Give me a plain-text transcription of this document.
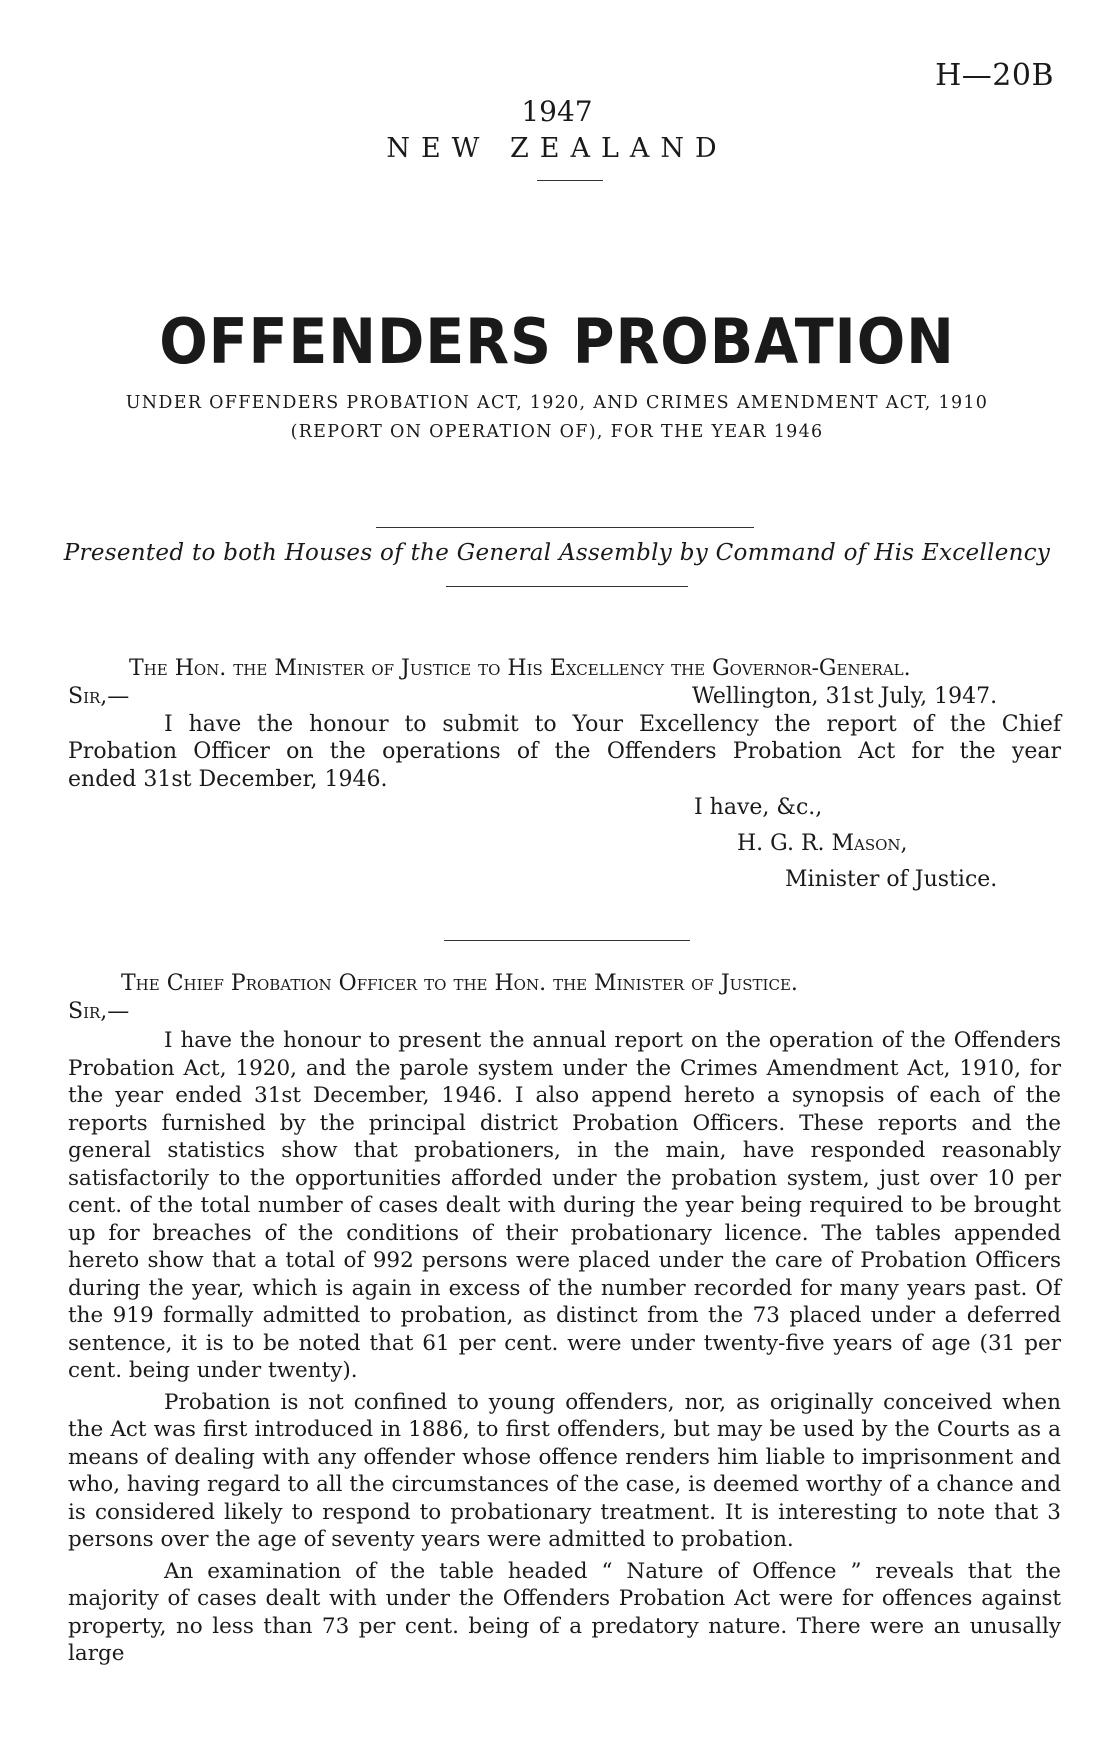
H—20B
1947
NEW ZEALAND
OFFENDERS PROBATION
UNDER OFFENDERS PROBATION ACT, 1920, AND CRIMES AMENDMENT ACT, 1910
(REPORT ON OPERATION OF), FOR THE YEAR 1946
Presented to both Houses of the General Assembly by Command of His Excellency
The Hon. the Minister of Justice to His Excellency the Governor-General.
Sir,—	Wellington, 31st July, 1947.
I have the honour to submit to Your Excellency the report of the Chief
Probation Officer on the operations of the Offenders Probation Act for the year
ended 31st December, 1946.
I have, &c.,
H. G. R. Mason,
Minister of Justice.
The Chief Probation Officer to the Hon. the Minister of Justice.
Sir,—

I have the honour to present the annual report on the operation of the Offenders Probation Act, 1920, and the parole system under the Crimes Amendment Act, 1910, for the year ended 31st December, 1946. I also append hereto a synopsis of each of the reports furnished by the principal district Probation Officers. These reports and the general statistics show that probationers, in the main, have responded reasonably satisfactorily to the opportunities afforded under the probation system, just over 10 per cent. of the total number of cases dealt with during the year being required to be brought up for breaches of the conditions of their probationary licence. The tables appended hereto show that a total of 992 persons were placed under the care of Probation Officers during the year, which is again in excess of the number recorded for many years past. Of the 919 formally admitted to probation, as distinct from the 73 placed under a deferred sentence, it is to be noted that 61 per cent. were under twenty-five years of age (31 per cent. being under twenty).

Probation is not confined to young offenders, nor, as originally conceived when the Act was first introduced in 1886, to first offenders, but may be used by the Courts as a means of dealing with any offender whose offence renders him liable to imprisonment and who, having regard to all the circumstances of the case, is deemed worthy of a chance and is considered likely to respond to probationary treatment. It is interesting to note that 3 persons over the age of seventy years were admitted to probation.

An examination of the table headed “ Nature of Offence ” reveals that the majority of cases dealt with under the Offenders Probation Act were for offences against property, no less than 73 per cent. being of a predatory nature. There were an unusally large
